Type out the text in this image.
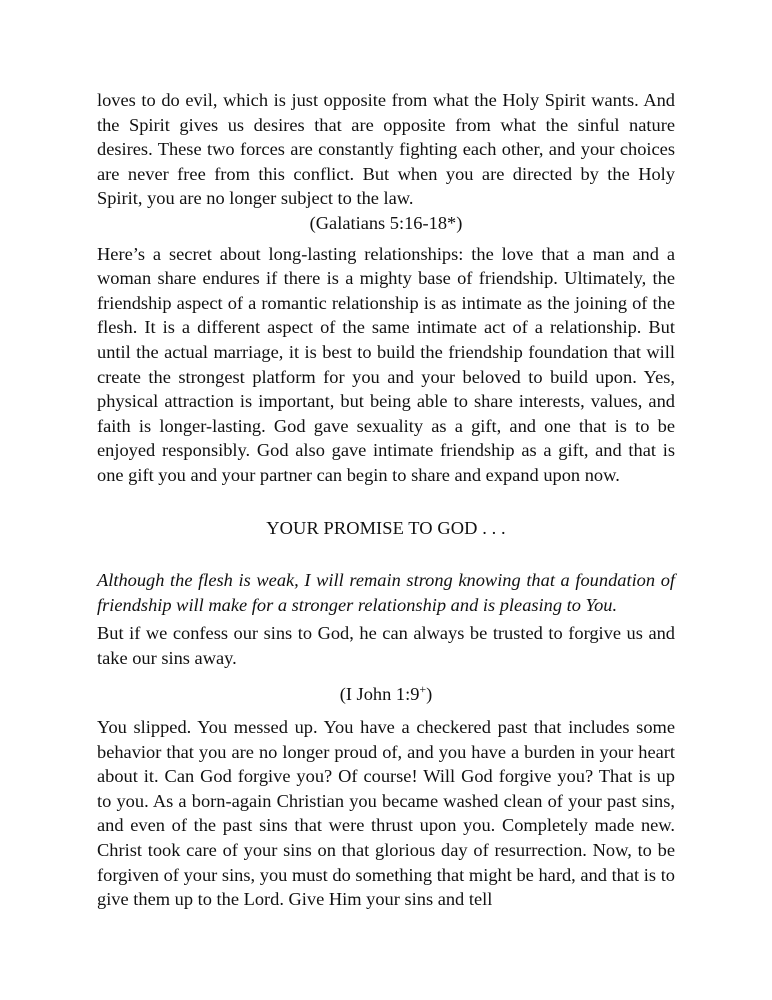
loves to do evil, which is just opposite from what the Holy Spirit wants. And the Spirit gives us desires that are opposite from what the sinful nature desires. These two forces are constantly fighting each other, and your choices are never free from this conflict. But when you are directed by the Holy Spirit, you are no longer subject to the law.

(Galatians 5:16-18*)

Here’s a secret about long-lasting relationships: the love that a man and a woman share endures if there is a mighty base of friendship. Ultimately, the friendship aspect of a romantic relationship is as intimate as the joining of the flesh. It is a different aspect of the same intimate act of a relationship. But until the actual marriage, it is best to build the friendship foundation that will create the strongest platform for you and your beloved to build upon. Yes, physical attraction is important, but being able to share interests, values, and faith is longer-lasting. God gave sexuality as a gift, and one that is to be enjoyed responsibly. God also gave intimate friendship as a gift, and that is one gift you and your partner can begin to share and expand upon now.

YOUR PROMISE TO GOD . . .

Although the flesh is weak, I will remain strong knowing that a foundation of friendship will make for a stronger relationship and is pleasing to You.

But if we confess our sins to God, he can always be trusted to forgive us and take our sins away.

(I John 1:9+)

You slipped. You messed up. You have a checkered past that includes some behavior that you are no longer proud of, and you have a burden in your heart about it. Can God forgive you? Of course! Will God forgive you? That is up to you. As a born-again Christian you became washed clean of your past sins, and even of the past sins that were thrust upon you. Completely made new. Christ took care of your sins on that glorious day of resurrection. Now, to be forgiven of your sins, you must do something that might be hard, and that is to give them up to the Lord. Give Him your sins and tell
